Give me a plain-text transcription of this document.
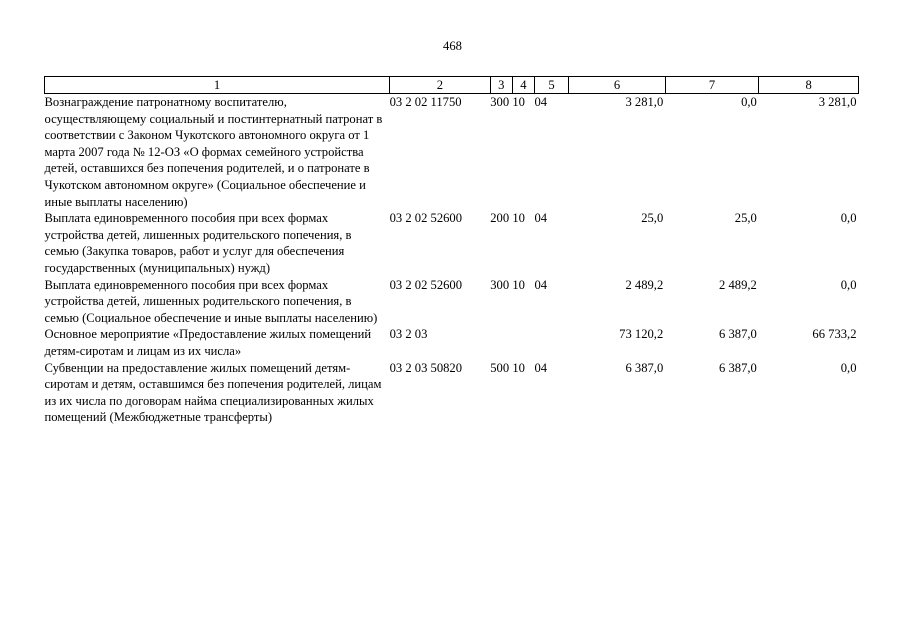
468
1	2	3	4	5	6	7	8
Вознаграждение патронатному воспитателю, осуществляющему социальный и постинтернатный патронат в соответствии с Законом Чукотского автономного округа от 1 марта 2007 года № 12-ОЗ «О формах семейного устройства детей, оставшихся без попечения родителей, и о патронате в Чукотском автономном округе» (Социальное обеспечение и иные выплаты населению)	03 2 02 11750	300	10	04	3 281,0	0,0	3 281,0
Выплата единовременного пособия при всех формах устройства детей, лишенных родительского попечения, в семью (Закупка товаров, работ и услуг для обеспечения государственных (муниципальных) нужд)	03 2 02 52600	200	10	04	25,0	25,0	0,0
Выплата единовременного пособия при всех формах устройства детей, лишенных родительского попечения, в семью (Социальное обеспечение и иные выплаты населению)	03 2 02 52600	300	10	04	2 489,2	2 489,2	0,0
Основное мероприятие «Предоставление жилых помещений детям-сиротам и лицам из их числа»	03 2 03				73 120,2	6 387,0	66 733,2
Субвенции на предоставление жилых помещений детям-сиротам и детям, оставшимся без попечения родителей, лицам из их числа по договорам найма специализированных жилых помещений (Межбюджетные трансферты)	03 2 03 50820	500	10	04	6 387,0	6 387,0	0,0
